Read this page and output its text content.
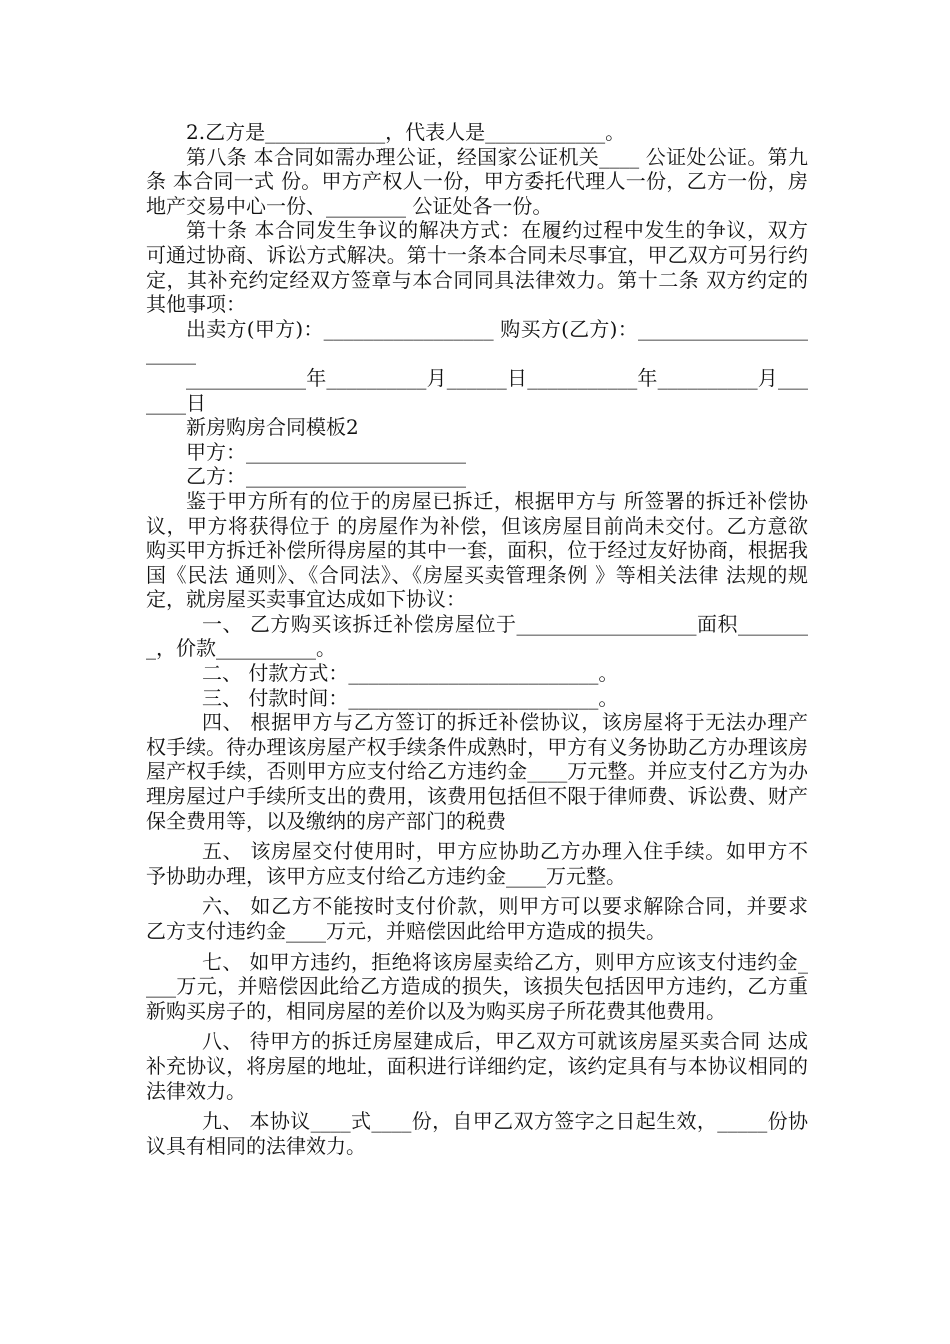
2.乙方是____________，代表人是____________。

第八条 本合同如需办理公证，经国家公证机关____ 公证处公证。第九条 本合同一式 份。甲方产权人一份，甲方委托代理人一份，乙方一份，房地产交易中心一份、________ 公证处各一份。

第十条 本合同发生争议的解决方式：在履约过程中发生的争议，双方可通过协商、诉讼方式解决。第十一条本合同未尽事宜，甲乙双方可另行约定，其补充约定经双方签章与本合同同具法律效力。第十二条 双方约定的其他事项：

出卖方(甲方)：_________________ 购买方(乙方)：______________________

____________年__________月______日___________年__________月_______日

新房购房合同模板2

甲方：______________________

乙方：______________________

鉴于甲方所有的位于的房屋已拆迁，根据甲方与 所签署的拆迁补偿协议，甲方将获得位于 的房屋作为补偿，但该房屋目前尚未交付。乙方意欲购买甲方拆迁补偿所得房屋的其中一套，面积，位于经过友好协商，根据我国《民法 通则》、《合同法》、《房屋买卖管理条例 》等相关法律 法规的规定，就房屋买卖事宜达成如下协议：

一、 乙方购买该拆迁补偿房屋位于__________________面积________，价款__________。

二、 付款方式：_________________________。

三、 付款时间：_________________________。

四、 根据甲方与乙方签订的拆迁补偿协议，该房屋将于无法办理产权手续。待办理该房屋产权手续条件成熟时，甲方有义务协助乙方办理该房屋产权手续，否则甲方应支付给乙方违约金____万元整。并应支付乙方为办理房屋过户手续所支出的费用，该费用包括但不限于律师费、诉讼费、财产保全费用等，以及缴纳的房产部门的税费

五、 该房屋交付使用时，甲方应协助乙方办理入住手续。如甲方不予协助办理，该甲方应支付给乙方违约金____万元整。

六、 如乙方不能按时支付价款，则甲方可以要求解除合同，并要求乙方支付违约金____万元，并赔偿因此给甲方造成的损失。

七、 如甲方违约，拒绝将该房屋卖给乙方，则甲方应该支付违约金____万元，并赔偿因此给乙方造成的损失，该损失包括因甲方违约，乙方重新购买房子的，相同房屋的差价以及为购买房子所花费其他费用。

八、 待甲方的拆迁房屋建成后，甲乙双方可就该房屋买卖合同 达成补充协议，将房屋的地址，面积进行详细约定，该约定具有与本协议相同的法律效力。

九、 本协议____式____份，自甲乙双方签字之日起生效，_____份协议具有相同的法律效力。
